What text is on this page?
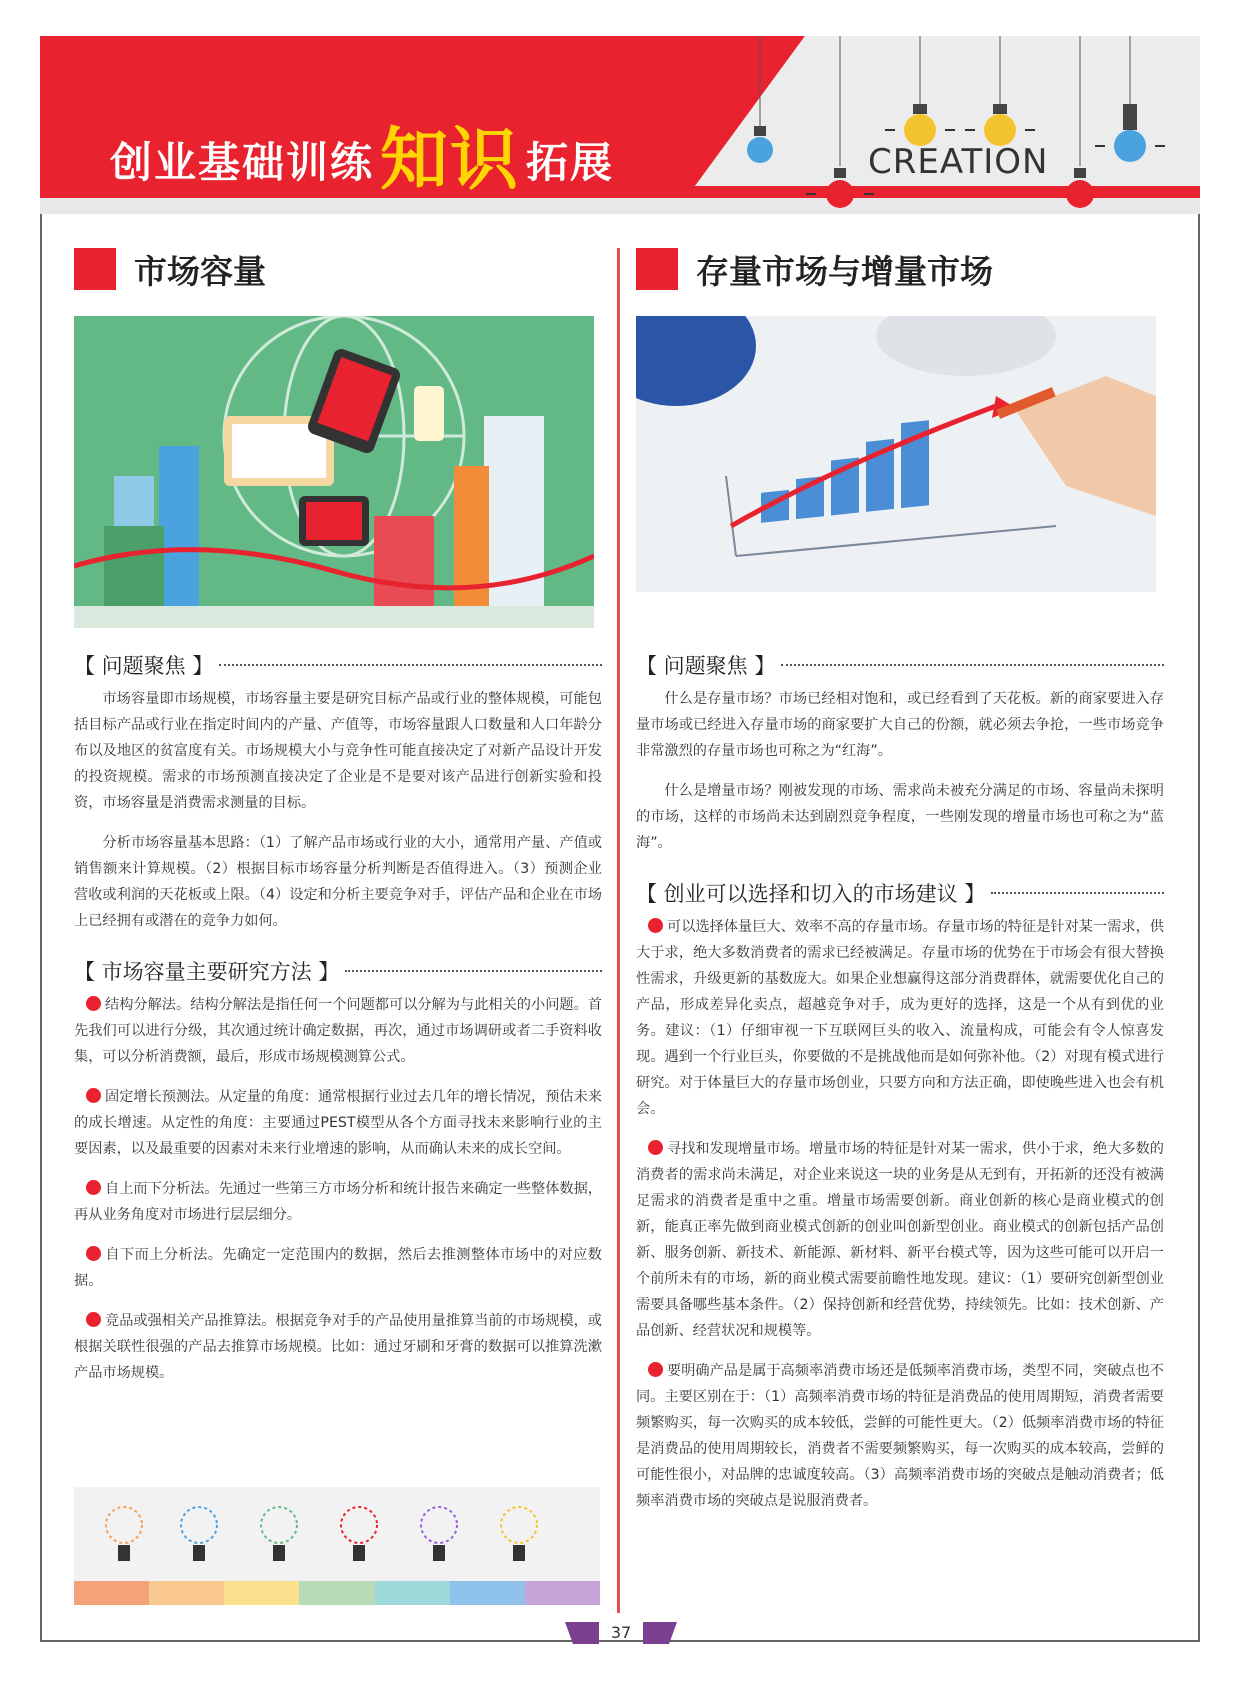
创业基础训练知识 拓展	CREATION
市场容量
【 问题聚焦 】

市场容量即市场规模，市场容量主要是研究目标产品或行业的整体规模，可能包括目标产品或行业在指定时间内的产量、产值等，市场容量跟人口数量和人口年龄分布以及地区的贫富度有关。市场规模大小与竞争性可能直接决定了对新产品设计开发的投资规模。需求的市场预测直接决定了企业是不是要对该产品进行创新实验和投资，市场容量是消费需求测量的目标。

分析市场容量基本思路：（1）了解产品市场或行业的大小，通常用产量、产值或销售额来计算规模。（2）根据目标市场容量分析判断是否值得进入。（3）预测企业营收或利润的天花板或上限。（4）设定和分析主要竞争对手，评估产品和企业在市场上已经拥有或潜在的竞争力如何。

【 市场容量主要研究方法 】

结构分解法。结构分解法是指任何一个问题都可以分解为与此相关的小问题。首先我们可以进行分级，其次通过统计确定数据，再次，通过市场调研或者二手资料收集，可以分析消费额，最后，形成市场规模测算公式。

固定增长预测法。从定量的角度：通常根据行业过去几年的增长情况，预估未来的成长增速。从定性的角度：主要通过PEST模型从各个方面寻找未来影响行业的主要因素，以及最重要的因素对未来行业增速的影响，从而确认未来的成长空间。

自上而下分析法。先通过一些第三方市场分析和统计报告来确定一些整体数据，再从业务角度对市场进行层层细分。

自下而上分析法。先确定一定范围内的数据，然后去推测整体市场中的对应数据。

竞品或强相关产品推算法。根据竞争对手的产品使用量推算当前的市场规模，或根据关联性很强的产品去推算市场规模。比如：通过牙刷和牙膏的数据可以推算洗漱产品市场规模。

存量市场与增量市场
【 问题聚焦 】

什么是存量市场？市场已经相对饱和，或已经看到了天花板。新的商家要进入存量市场或已经进入存量市场的商家要扩大自己的份额，就必须去争抢，一些市场竞争非常激烈的存量市场也可称之为“红海”。

什么是增量市场？刚被发现的市场、需求尚未被充分满足的市场、容量尚未探明的市场，这样的市场尚未达到剧烈竞争程度，一些刚发现的增量市场也可称之为“蓝海”。

【 创业可以选择和切入的市场建议 】

可以选择体量巨大、效率不高的存量市场。存量市场的特征是针对某一需求，供大于求，绝大多数消费者的需求已经被满足。存量市场的优势在于市场会有很大替换性需求，升级更新的基数庞大。如果企业想赢得这部分消费群体，就需要优化自己的产品，形成差异化卖点，超越竞争对手，成为更好的选择，这是一个从有到优的业务。建议：（1）仔细审视一下互联网巨头的收入、流量构成，可能会有令人惊喜发现。遇到一个行业巨头，你要做的不是挑战他而是如何弥补他。（2）对现有模式进行研究。对于体量巨大的存量市场创业，只要方向和方法正确，即使晚些进入也会有机会。

寻找和发现增量市场。增量市场的特征是针对某一需求，供小于求，绝大多数的消费者的需求尚未满足，对企业来说这一块的业务是从无到有，开拓新的还没有被满足需求的消费者是重中之重。增量市场需要创新。商业创新的核心是商业模式的创新，能真正率先做到商业模式创新的创业叫创新型创业。商业模式的创新包括产品创新、服务创新、新技术、新能源、新材料、新平台模式等，因为这些可能可以开启一个前所未有的市场，新的商业模式需要前瞻性地发现。建议：（1）要研究创新型创业需要具备哪些基本条件。（2）保持创新和经营优势，持续领先。比如：技术创新、产品创新、经营状况和规模等。

要明确产品是属于高频率消费市场还是低频率消费市场，类型不同，突破点也不同。主要区别在于：（1）高频率消费市场的特征是消费品的使用周期短，消费者需要频繁购买，每一次购买的成本较低，尝鲜的可能性更大。（2）低频率消费市场的特征是消费品的使用周期较长，消费者不需要频繁购买，每一次购买的成本较高，尝鲜的可能性很小，对品牌的忠诚度较高。（3）高频率消费市场的突破点是触动消费者；低频率消费市场的突破点是说服消费者。

37
